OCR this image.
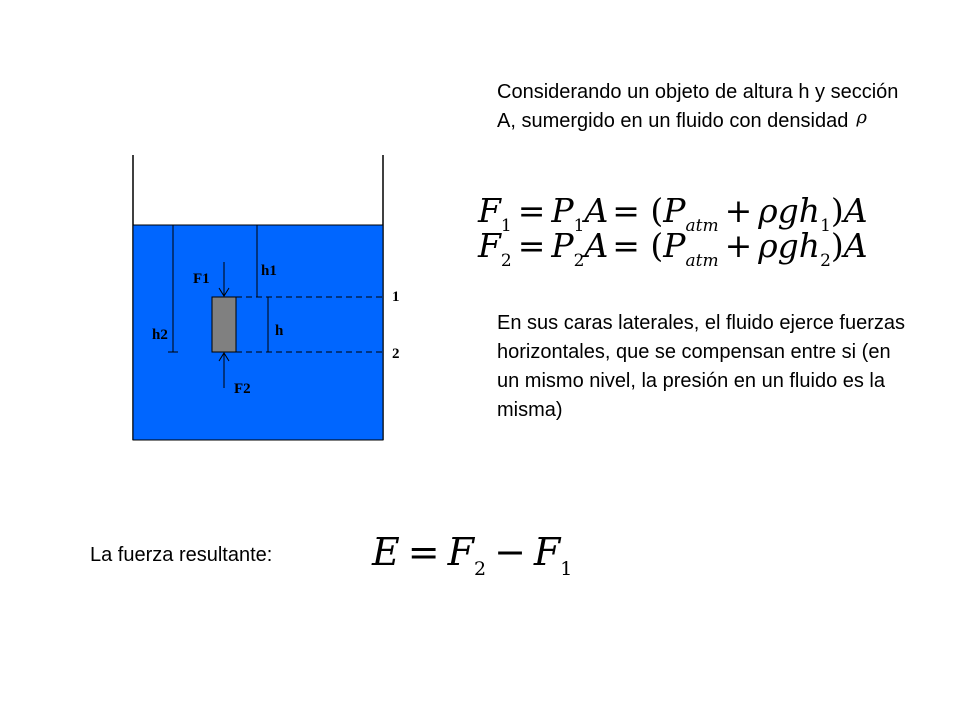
F1
F2
h1
h2	h
1
2
$F_1 = P_1A = (P_{atm} + \rho gh_1)A$
$F_2 = P_2A = (P_{atm} + \rho gh_2)A$
$E = F_2 - F_1$
Considerando un objeto de altura h y sección A, sumergido en un fluido con densidad ρ
En sus caras laterales, el fluido ejerce fuerzas horizontales, que se compensan entre si (en un mismo nivel, la presión en un fluido es la misma)
La fuerza resultante:
